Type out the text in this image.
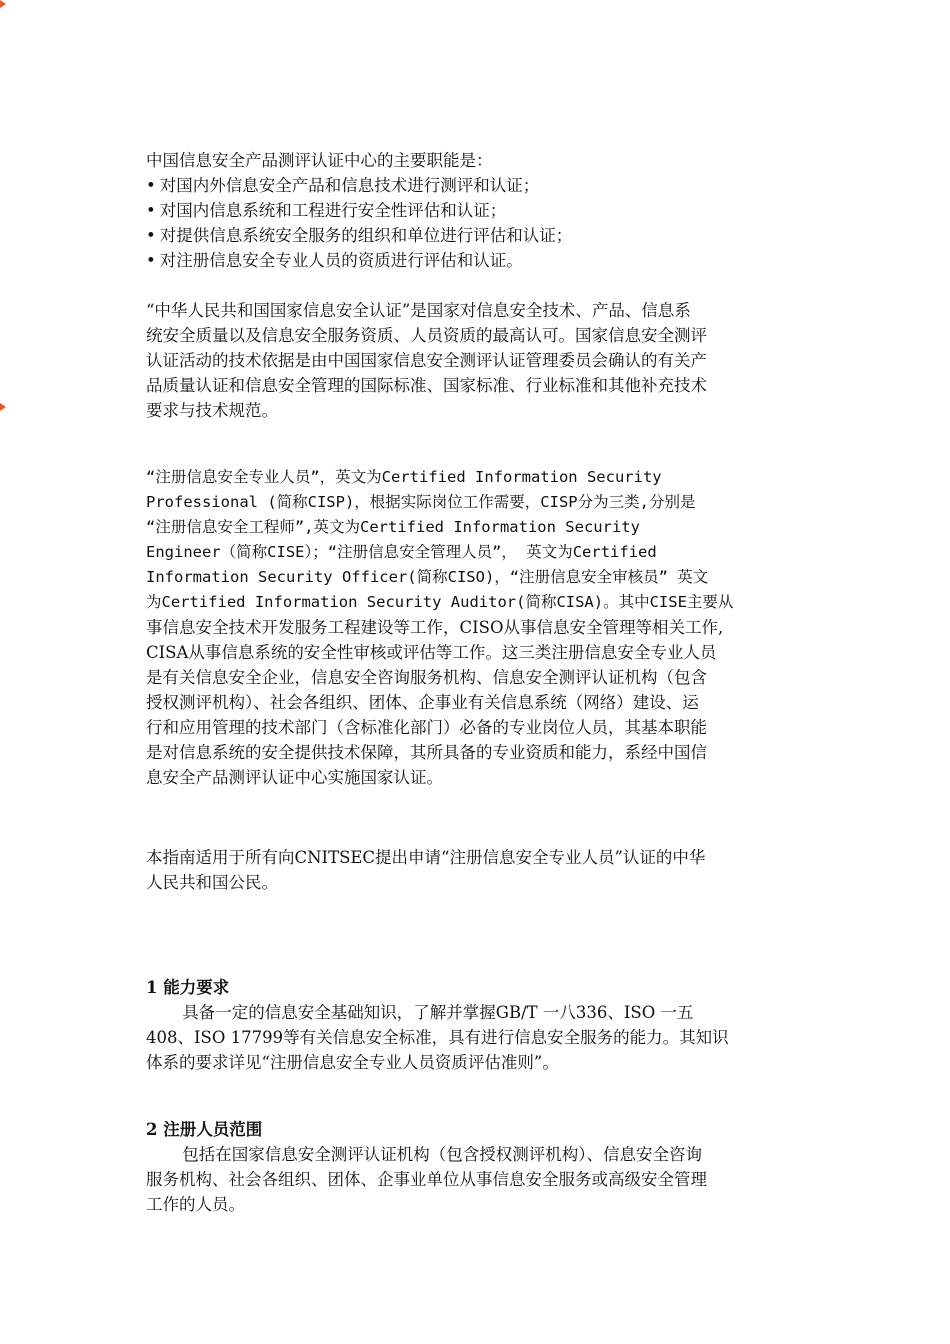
中国信息安全产品测评认证中心的主要职能是：

• 对国内外信息安全产品和信息技术进行测评和认证；

• 对国内信息系统和工程进行安全性评估和认证；

• 对提供信息系统安全服务的组织和单位进行评估和认证；

• 对注册信息安全专业人员的资质进行评估和认证。

“中华人民共和国国家信息安全认证”是国家对信息安全技术、产品、信息系

统安全质量以及信息安全服务资质、人员资质的最高认可。国家信息安全测评

认证活动的技术依据是由中国国家信息安全测评认证管理委员会确认的有关产

品质量认证和信息安全管理的国际标准、国家标准、行业标准和其他补充技术

要求与技术规范。

“注册信息安全专业人员”，英文为Certified Information Security

Professional (简称CISP)，根据实际岗位工作需要，CISP分为三类,分别是

“注册信息安全工程师”,英文为Certified Information Security

Engineer（简称CISE）；“注册信息安全管理人员”， 英文为Certified

Information Security Officer(简称CISO)，“注册信息安全审核员” 英文

为Certified Information Security Auditor(简称CISA)。其中CISE主要从

事信息安全技术开发服务工程建设等工作，CISO从事信息安全管理等相关工作,

CISA从事信息系统的安全性审核或评估等工作。这三类注册信息安全专业人员

是有关信息安全企业，信息安全咨询服务机构、信息安全测评认证机构（包含

授权测评机构）、社会各组织、团体、企事业有关信息系统（网络）建设、运

行和应用管理的技术部门（含标准化部门）必备的专业岗位人员，其基本职能

是对信息系统的安全提供技术保障，其所具备的专业资质和能力，系经中国信

息安全产品测评认证中心实施国家认证。

本指南适用于所有向CNITSEC提出申请“注册信息安全专业人员”认证的中华

人民共和国公民。

1 能力要求

具备一定的信息安全基础知识，了解并掌握GB/T 一八336、ISO 一五

408、ISO 17799等有关信息安全标准，具有进行信息安全服务的能力。其知识

体系的要求详见“注册信息安全专业人员资质评估准则”。

2 注册人员范围

包括在国家信息安全测评认证机构（包含授权测评机构）、信息安全咨询

服务机构、社会各组织、团体、企事业单位从事信息安全服务或高级安全管理

工作的人员。
